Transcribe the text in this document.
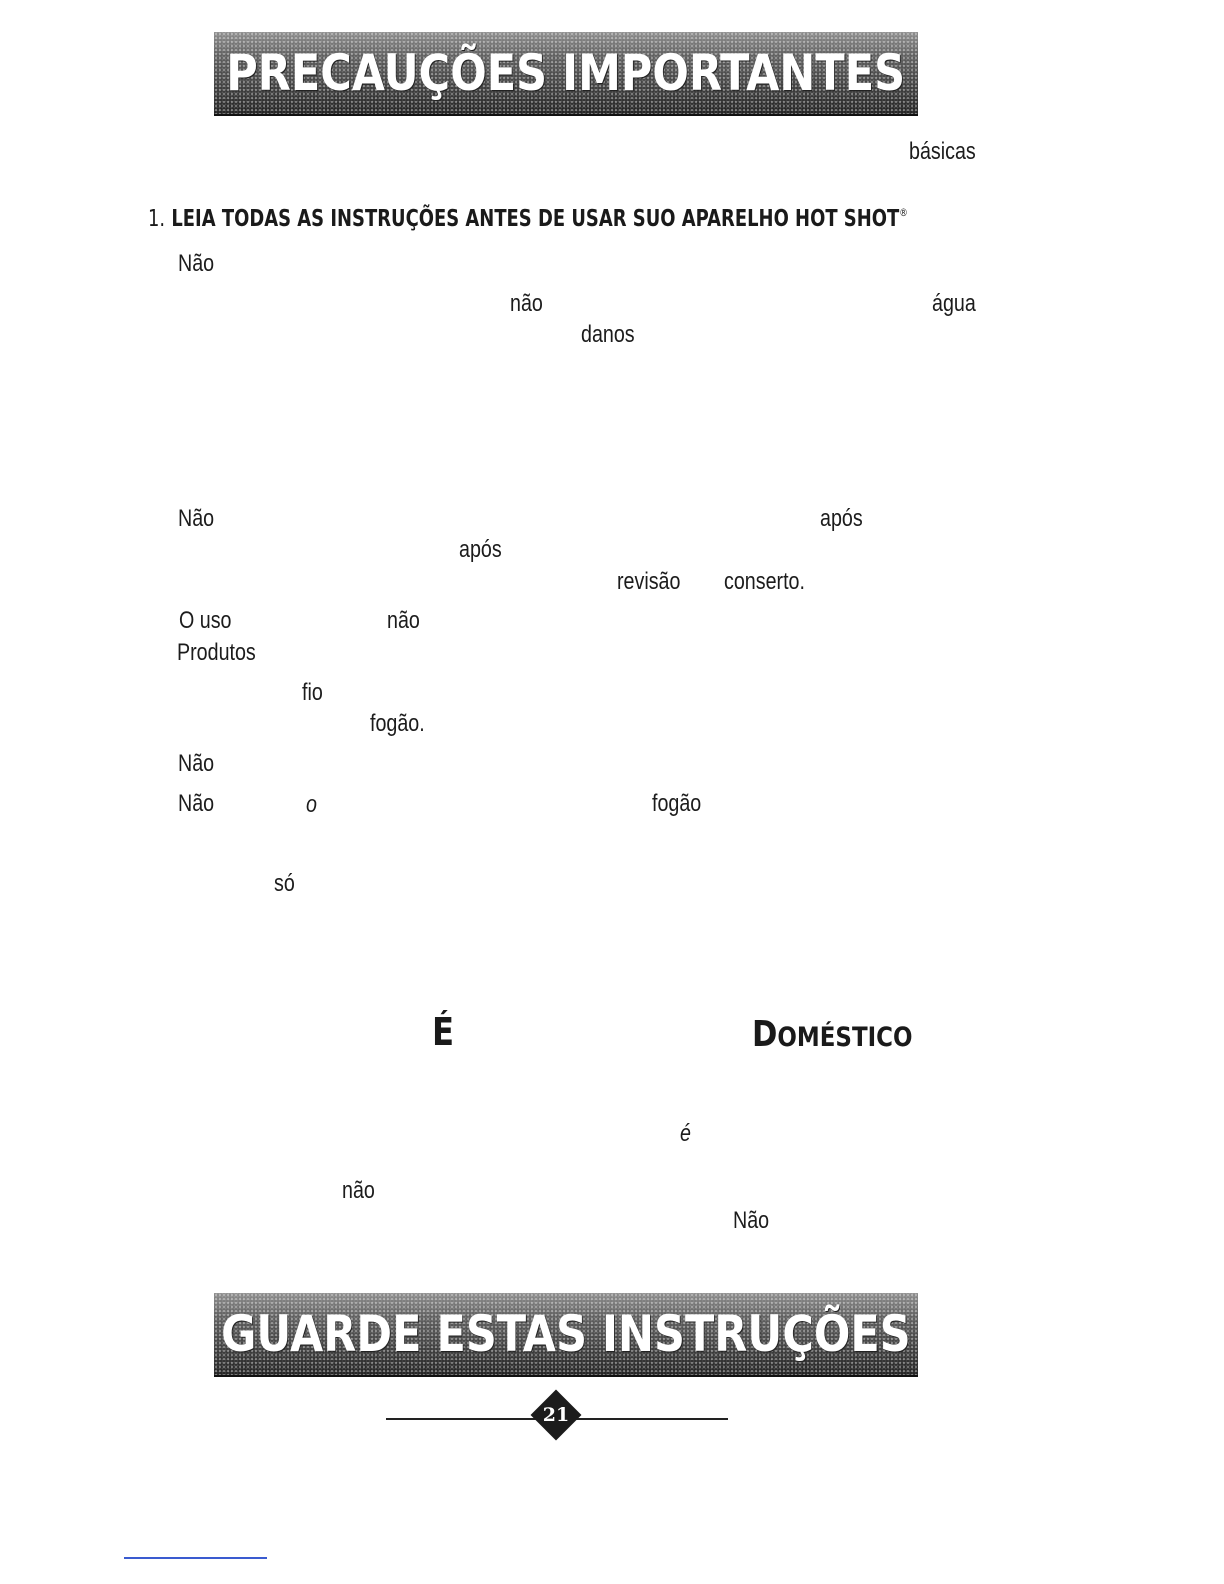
PRECAUÇÕES IMPORTANTES
básicas
1. LEIA TODAS AS INSTRUÇÕES ANTES DE USAR SUO APARELHO HOT SHOT®
Não
não	água
danos
Não	após
após
revisão conserto.
O uso	não
Produtos
fio
fogão.
Não
Não	o	fogão
só
É	DOMÉSTICO
é
não
Não
GUARDE ESTAS INSTRUÇÕES
21
